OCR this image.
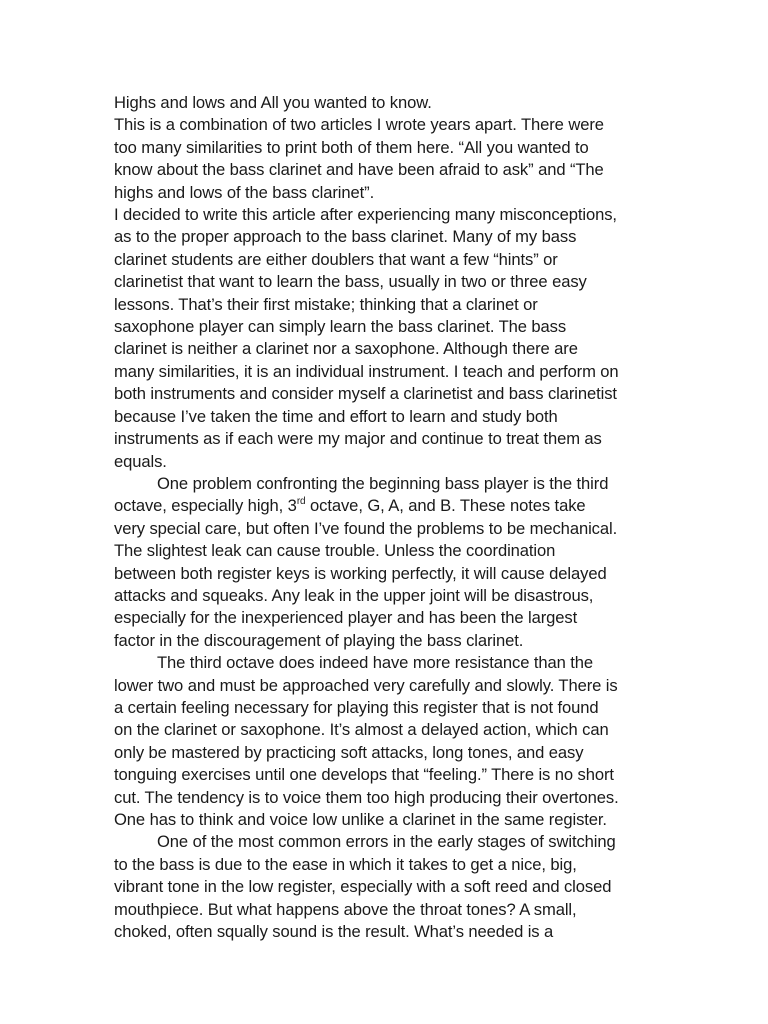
Highs and lows and All you wanted to know.
This is a combination of two articles I wrote years apart. There were
too many similarities to print both of them here. “All you wanted to
know about the bass clarinet and have been afraid to ask” and “The
highs and lows of the bass clarinet”.
I decided to write this article after experiencing many misconceptions,
as to the proper approach to the bass clarinet. Many of my bass
clarinet students are either doublers that want a few “hints” or
clarinetist that want to learn the bass, usually in two or three easy
lessons. That’s their first mistake; thinking that a clarinet or
saxophone player can simply learn the bass clarinet. The bass
clarinet is neither a clarinet nor a saxophone. Although there are
many similarities, it is an individual instrument. I teach and perform on
both instruments and consider myself a clarinetist and bass clarinetist
because I’ve taken the time and effort to learn and study both
instruments as if each were my major and continue to treat them as
equals.
One problem confronting the beginning bass player is the third
octave, especially high, 3rd octave, G, A, and B. These notes take
very special care, but often I’ve found the problems to be mechanical.
The slightest leak can cause trouble. Unless the coordination
between both register keys is working perfectly, it will cause delayed
attacks and squeaks. Any leak in the upper joint will be disastrous,
especially for the inexperienced player and has been the largest
factor in the discouragement of playing the bass clarinet.
The third octave does indeed have more resistance than the
lower two and must be approached very carefully and slowly. There is
a certain feeling necessary for playing this register that is not found
on the clarinet or saxophone. It’s almost a delayed action, which can
only be mastered by practicing soft attacks, long tones, and easy
tonguing exercises until one develops that “feeling.” There is no short
cut. The tendency is to voice them too high producing their overtones.
One has to think and voice low unlike a clarinet in the same register.
One of the most common errors in the early stages of switching
to the bass is due to the ease in which it takes to get a nice, big,
vibrant tone in the low register, especially with a soft reed and closed
mouthpiece. But what happens above the throat tones? A small,
choked, often squally sound is the result. What’s needed is a
